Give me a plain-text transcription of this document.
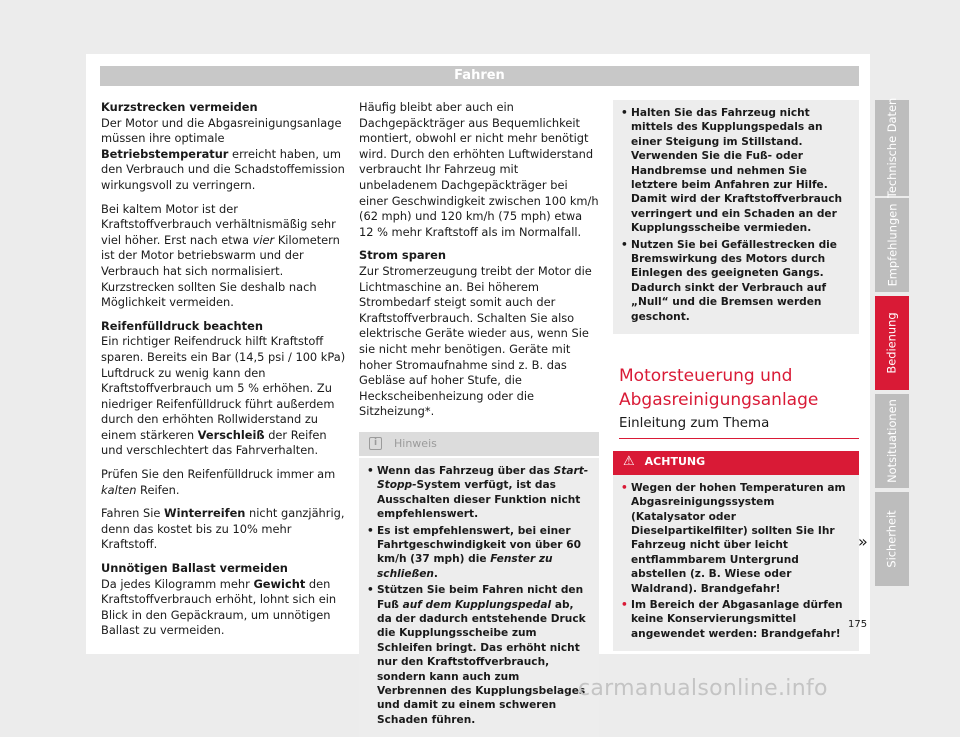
Fahren
Kurzstrecken vermeiden

Der Motor und die Abgasreinigungsanlage müssen ihre optimale Betriebstemperatur erreicht haben, um den Verbrauch und die Schadstoffemission wirkungsvoll zu verringern.

Bei kaltem Motor ist der Kraftstoffverbrauch verhältnismäßig sehr viel höher. Erst nach etwa vier Kilometern ist der Motor betriebswarm und der Verbrauch hat sich normalisiert. Kurzstrecken sollten Sie deshalb nach Möglichkeit vermeiden.

Reifenfülldruck beachten

Ein richtiger Reifendruck hilft Kraftstoff sparen. Bereits ein Bar (14,5 psi / 100 kPa) Luftdruck zu wenig kann den Kraftstoffverbrauch um 5 % erhöhen. Zu niedriger Reifenfülldruck führt außerdem durch den erhöhten Rollwiderstand zu einem stärkeren Verschleiß der Reifen und verschlechtert das Fahrverhalten.

Prüfen Sie den Reifenfülldruck immer am kalten Reifen.

Fahren Sie Winterreifen nicht ganzjährig, denn das kostet bis zu 10% mehr Kraftstoff.

Unnötigen Ballast vermeiden

Da jedes Kilogramm mehr Gewicht den Kraftstoffverbrauch erhöht, lohnt sich ein Blick in den Gepäckraum, um unnötigen Ballast zu vermeiden.

Häufig bleibt aber auch ein Dachgepäckträger aus Bequemlichkeit montiert, obwohl er nicht mehr benötigt wird. Durch den erhöhten Luftwiderstand verbraucht Ihr Fahrzeug mit unbeladenem Dachgepäckträger bei einer Geschwindigkeit zwischen 100 km/h (62 mph) und 120 km/h (75 mph) etwa 12 % mehr Kraftstoff als im Normalfall.

Strom sparen

Zur Stromerzeugung treibt der Motor die Lichtmaschine an. Bei höherem Strombedarf steigt somit auch der Kraftstoffverbrauch. Schalten Sie also elektrische Geräte wieder aus, wenn Sie sie nicht mehr benötigen. Geräte mit hoher Stromaufnahme sind z. B. das Gebläse auf hoher Stufe, die Heckscheibenheizung oder die Sitzheizung*.

i	Hinweis
• Wenn das Fahrzeug über das Start-Stopp-System verfügt, ist das Ausschalten dieser Funktion nicht empfehlenswert.
• Es ist empfehlenswert, bei einer Fahrtgeschwindigkeit von über 60 km/h (37 mph) die Fenster zu schließen.
• Stützen Sie beim Fahren nicht den Fuß auf dem Kupplungspedal ab, da der dadurch entstehende Druck die Kupplungsscheibe zum Schleifen bringt. Das erhöht nicht nur den Kraftstoffverbrauch, sondern kann auch zum Verbrennen des Kupplungsbelages und damit zu einem schweren Schaden führen.
• Halten Sie das Fahrzeug nicht mittels des Kupplungspedals an einer Steigung im Stillstand. Verwenden Sie die Fuß- oder Handbremse und nehmen Sie letztere beim Anfahren zur Hilfe. Damit wird der Kraftstoffverbrauch verringert und ein Schaden an der Kupplungsscheibe vermieden.
• Nutzen Sie bei Gefällestrecken die Bremswirkung des Motors durch Einlegen des geeigneten Gangs. Dadurch sinkt der Verbrauch auf „Null“ und die Bremsen werden geschont.
Motorsteuerung und Abgasreinigungsanlage
Einleitung zum Thema
⚠ ACHTUNG
• Wegen der hohen Temperaturen am Abgasreinigungssystem (Katalysator oder Dieselpartikelfilter) sollten Sie Ihr Fahrzeug nicht über leicht entflammbarem Untergrund abstellen (z. B. Wiese oder Waldrand). Brandgefahr!
• Im Bereich der Abgasanlage dürfen keine Konservierungsmittel angewendet werden: Brandgefahr!
Technische Daten
Empfehlungen
Bedienung
Notsituationen
Sicherheit
»
175
carmanualsonline.info
